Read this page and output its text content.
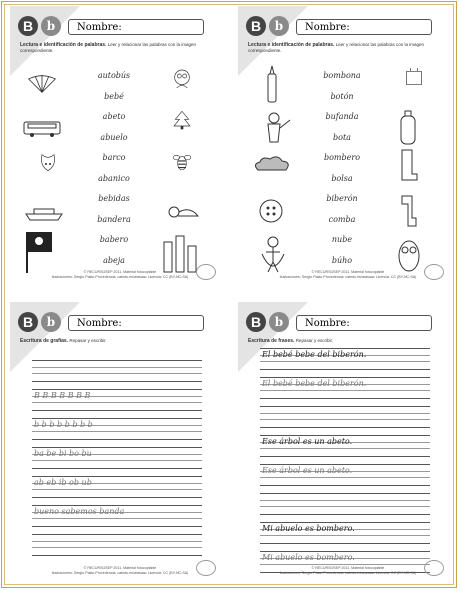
B	b	Nombre:
Lectura e identificación de palabras. Leer y relacionar las palabras con la imagen correspondiente.
autobús
bebé
abeto
abuelo
barco
abanico
bebidas
bandera
babero
abeja
© RECURSOSEP 2011. Material fotocopiable
Ilustraciones: Sergio Palao Procedencia: catedu.es/arasaac Licencia: CC (BY-NC-SA)
B	b	Nombre:
Lectura e identificación de palabras. Leer y relacionar las palabras con la imagen correspondiente.
bombona
botón
bufanda
bota
bombero
bolsa
biberón
comba
nube
búho
© RECURSOSEP 2011. Material fotocopiable
Ilustraciones: Sergio Palao Procedencia: catedu.es/arasaac Licencia: CC (BY-NC-SA)
B	b	Nombre:
Escritura de grafías. Repasar y escribir.
B B B B B B B
b b b b b b b b
ba be bi bo bu
ab eb ib ob ub
bueno sabemos banda
© RECURSOSEP 2011. Material fotocopiable
Ilustraciones: Sergio Palao Procedencia: catedu.es/arasaac Licencia: CC (BY-NC-SA)
B	b	Nombre:
Escritura de frases. Repasar y escribir.
El bebé bebe del biberón.
El bebé bebe del biberón.
Ese árbol es un abeto.
Ese árbol es un abeto.
Mi abuelo es bombero.
Mi abuelo es bombero.
© RECURSOSEP 2011. Material fotocopiable
Ilustraciones: Sergio Palao Procedencia: catedu.es/arasaac Licencia: CC (BY-NC-SA)
